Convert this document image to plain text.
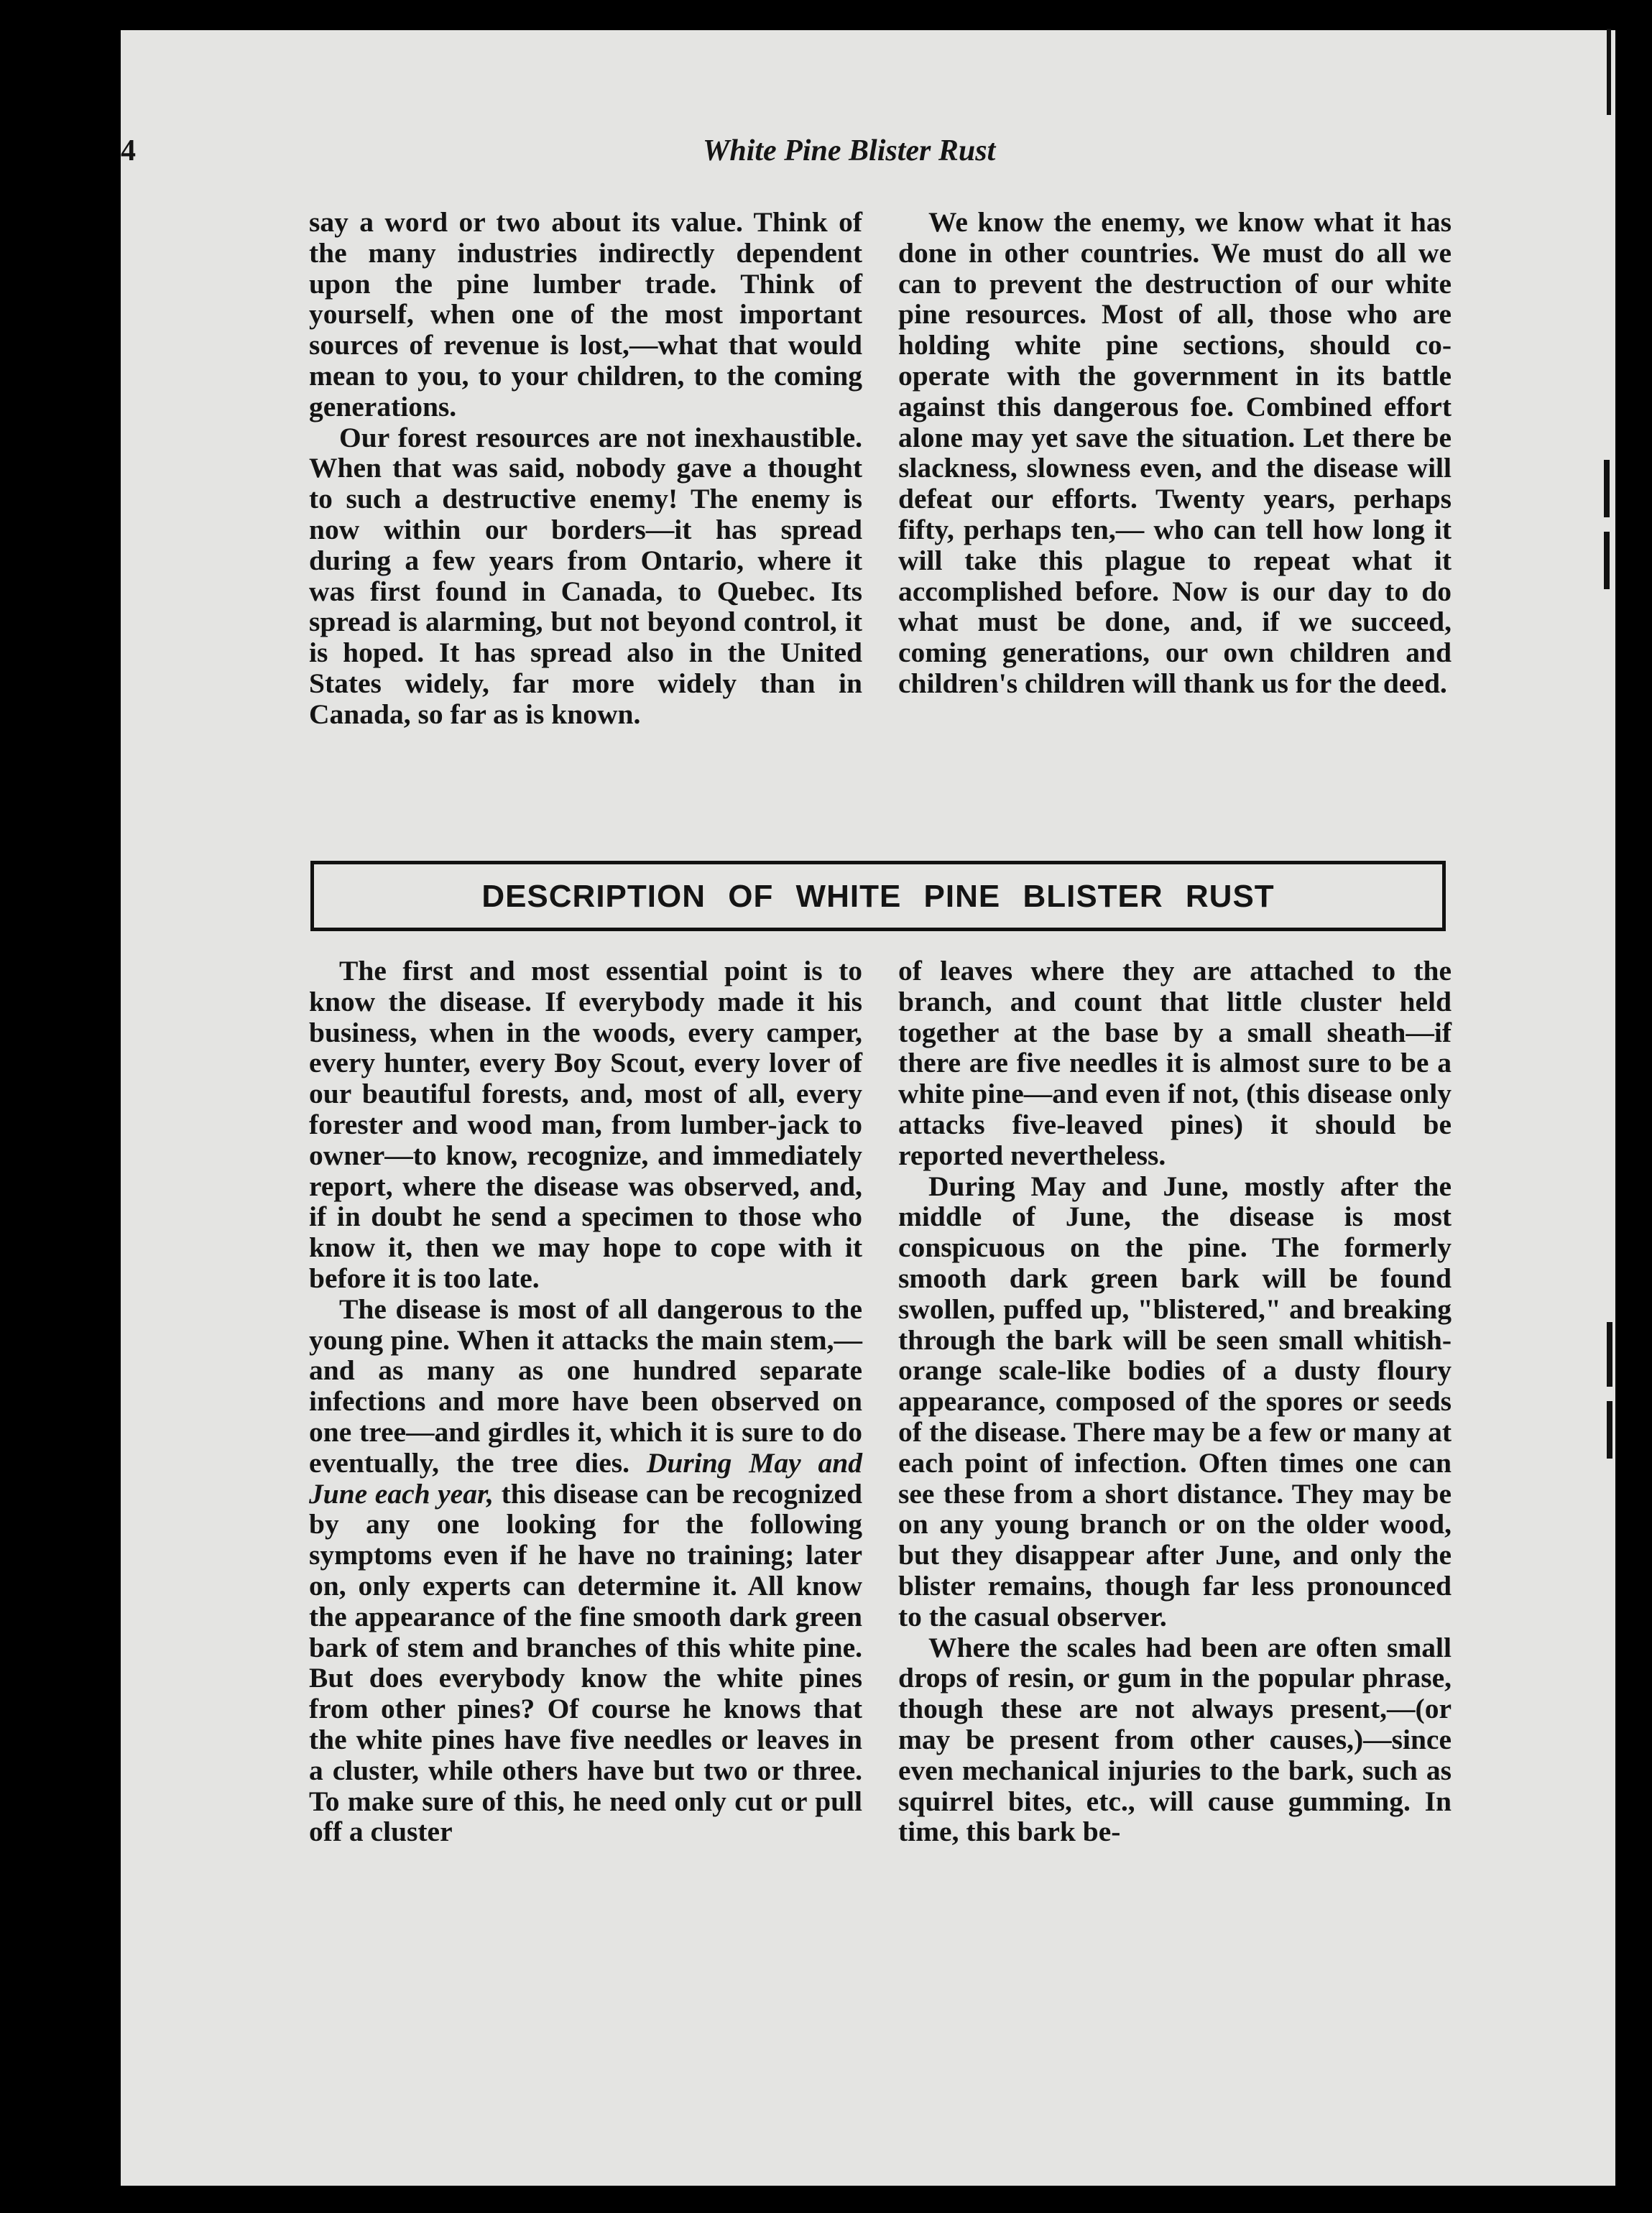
4	White Pine Blister Rust

say a word or two about its value. Think of the many industries indirectly dependent upon the pine lumber trade. Think of yourself, when one of the most important sources of revenue is lost,—what that would mean to you, to your children, to the coming generations.

Our forest resources are not inexhaustible. When that was said, nobody gave a thought to such a destructive enemy! The enemy is now within our borders—it has spread during a few years from Ontario, where it was first found in Canada, to Quebec. Its spread is alarming, but not beyond control, it is hoped. It has spread also in the United States widely, far more widely than in Canada, so far as is known.

We know the enemy, we know what it has done in other countries. We must do all we can to prevent the destruction of our white pine resources. Most of all, those who are holding white pine sections, should co-operate with the government in its battle against this dangerous foe. Combined effort alone may yet save the situation. Let there be slackness, slowness even, and the disease will defeat our efforts. Twenty years, perhaps fifty, perhaps ten,— who can tell how long it will take this plague to repeat what it accomplished before. Now is our day to do what must be done, and, if we succeed, coming generations, our own children and children's children will thank us for the deed.

DESCRIPTION OF WHITE PINE BLISTER RUST

The first and most essential point is to know the disease. If everybody made it his business, when in the woods, every camper, every hunter, every Boy Scout, every lover of our beautiful forests, and, most of all, every forester and wood man, from lumber-jack to owner—to know, recognize, and immediately report, where the disease was observed, and, if in doubt he send a specimen to those who know it, then we may hope to cope with it before it is too late.

The disease is most of all dangerous to the young pine. When it attacks the main stem,—and as many as one hundred separate infections and more have been observed on one tree—and girdles it, which it is sure to do eventually, the tree dies. During May and June each year, this disease can be recognized by any one looking for the following symptoms even if he have no training; later on, only experts can determine it. All know the appearance of the fine smooth dark green bark of stem and branches of this white pine. But does everybody know the white pines from other pines? Of course he knows that the white pines have five needles or leaves in a cluster, while others have but two or three. To make sure of this, he need only cut or pull off a cluster

of leaves where they are attached to the branch, and count that little cluster held together at the base by a small sheath—if there are five needles it is almost sure to be a white pine—and even if not, (this disease only attacks five-leaved pines) it should be reported nevertheless.

During May and June, mostly after the middle of June, the disease is most conspicuous on the pine. The formerly smooth dark green bark will be found swollen, puffed up, "blistered," and breaking through the bark will be seen small whitish-orange scale-like bodies of a dusty floury appearance, composed of the spores or seeds of the disease. There may be a few or many at each point of infection. Often times one can see these from a short distance. They may be on any young branch or on the older wood, but they disappear after June, and only the blister remains, though far less pronounced to the casual observer.

Where the scales had been are often small drops of resin, or gum in the popular phrase, though these are not always present,—(or may be present from other causes,)—since even mechanical injuries to the bark, such as squirrel bites, etc., will cause gumming. In time, this bark be-
